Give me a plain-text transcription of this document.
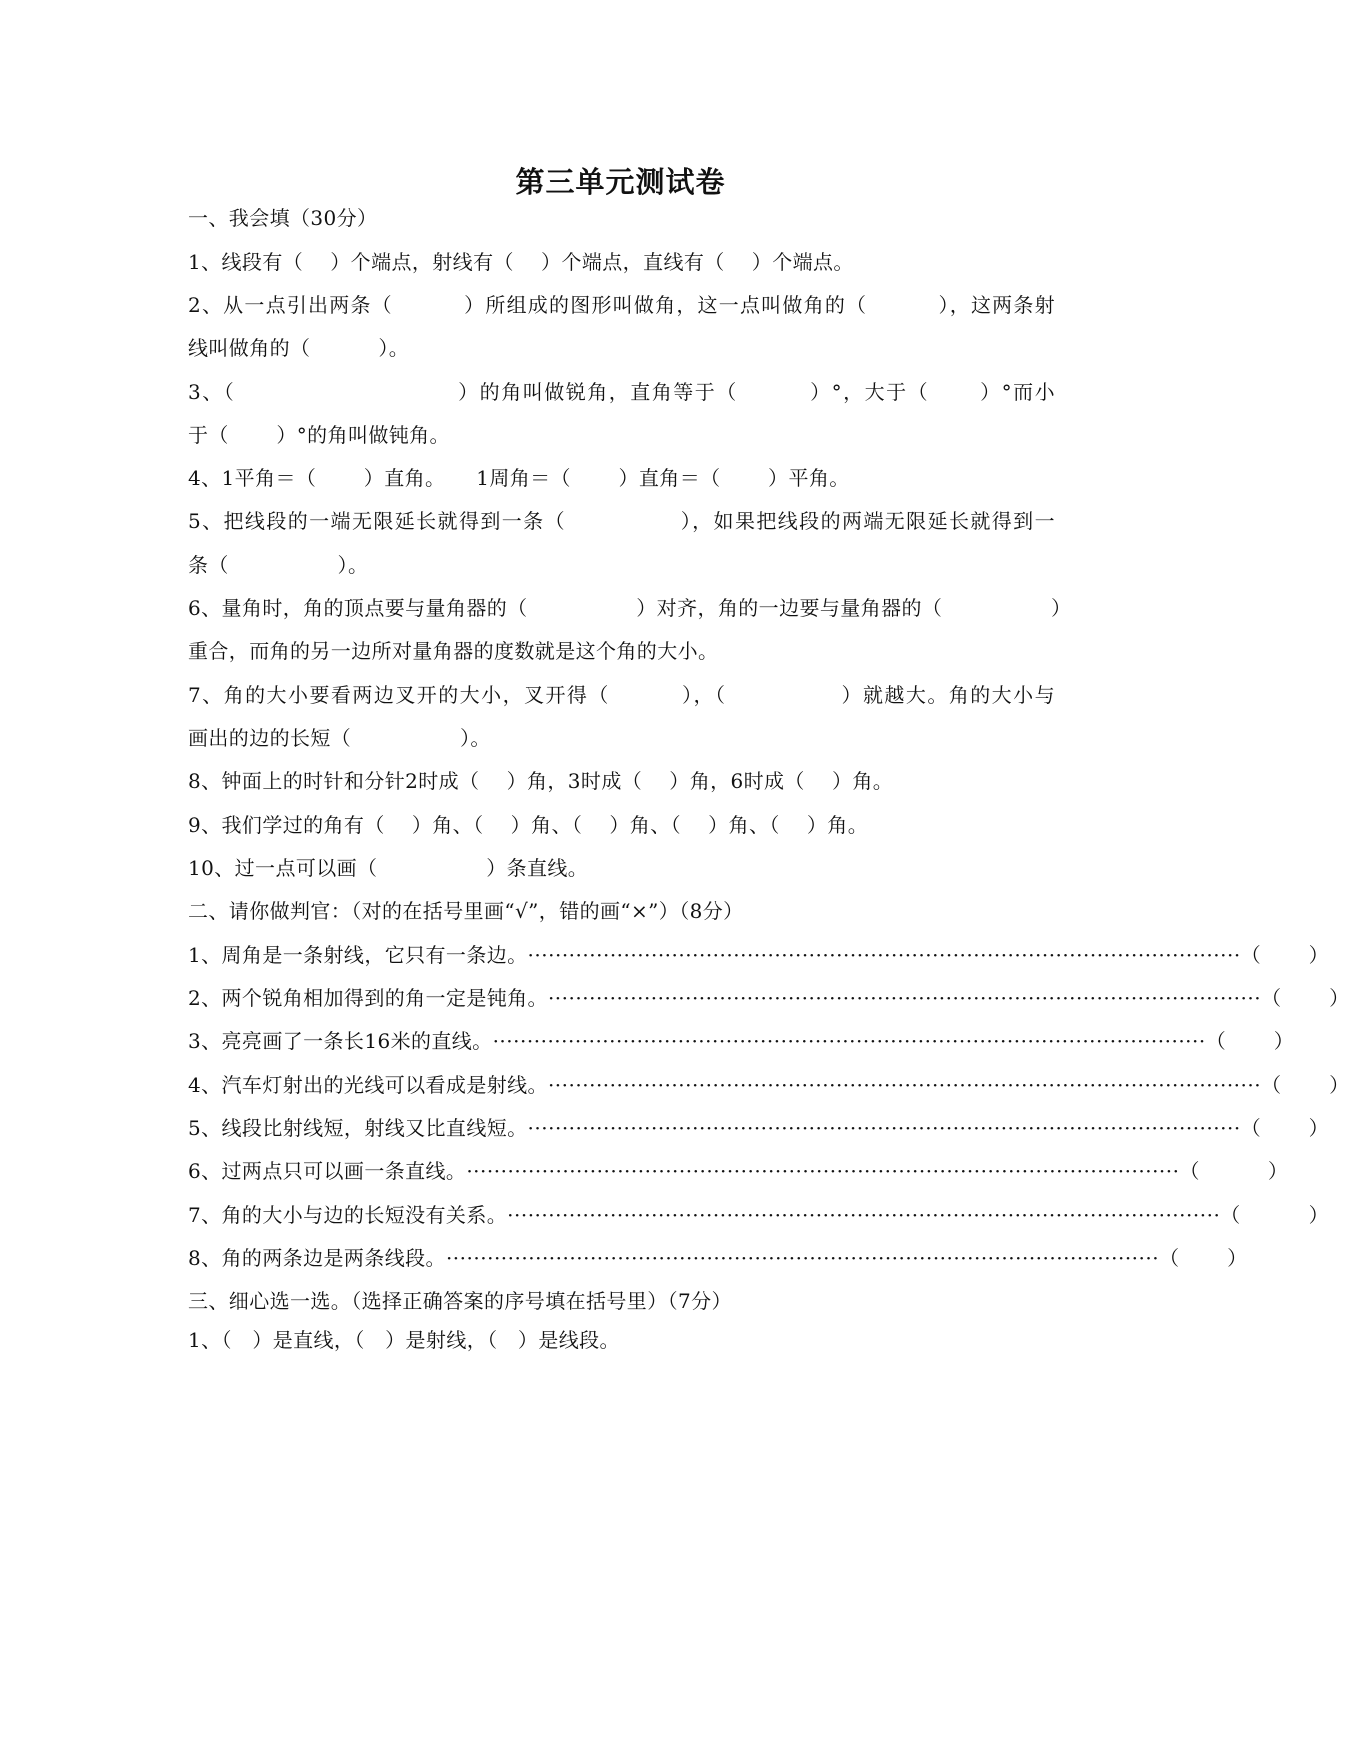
第三单元测试卷
一、我会填（30分）
1、线段有（　 ）个端点，射线有（　 ）个端点，直线有（　 ）个端点。
2、从一点引出两条（　　　 ）所组成的图形叫做角，这一点叫做角的（　　　 ），这两条射
线叫做角的（　　　 ）。
3、（　　　　　　　　　　 ）的角叫做锐角，直角等于（　　　 ）°，大于（　　 ）°而小
于（　　 ）°的角叫做钝角。
4、1平角＝（　　 ）直角。　　1周角＝（　　 ）直角＝（　　 ）平角。
5、把线段的一端无限延长就得到一条（　　　　　 ），如果把线段的两端无限延长就得到一
条（　　　　　 ）。
6、量角时，角的顶点要与量角器的（　　　　　 ）对齐，角的一边要与量角器的（　　　　　 ）
重合，而角的另一边所对量角器的度数就是这个角的大小。
7、角的大小要看两边叉开的大小，叉开得（　　　 ），（　　　　　 ）就越大。角的大小与
画出的边的长短（　　　　　 ）。
8、钟面上的时针和分针2时成（　 ）角，3时成（　 ）角，6时成（　 ）角。
9、我们学过的角有（　 ）角、（　 ）角、（　 ）角、（　 ）角、（　 ）角。
10、过一点可以画（　　　　　 ）条直线。
二、请你做判官：（对的在括号里画“√”，错的画“×”）（8分）
1、周角是一条射线，它只有一条边。 ········································································································ （　　 ）
2、两个锐角相加得到的角一定是钝角。 ········································································································ （　　 ）
3、亮亮画了一条长16米的直线。 ········································································································ （　　 ）
4、汽车灯射出的光线可以看成是射线。 ········································································································ （　　 ）
5、线段比射线短，射线又比直线短。 ········································································································ （　　 ）
6、过两点只可以画一条直线。 ········································································································ （　　　 ）
7、角的大小与边的长短没有关系。 ········································································································ （　　　 ）
8、角的两条边是两条线段。 ········································································································ （　　 ）
三、细心选一选。（选择正确答案的序号填在括号里）（7分）
1、（　）是直线，（　）是射线，（　）是线段。
